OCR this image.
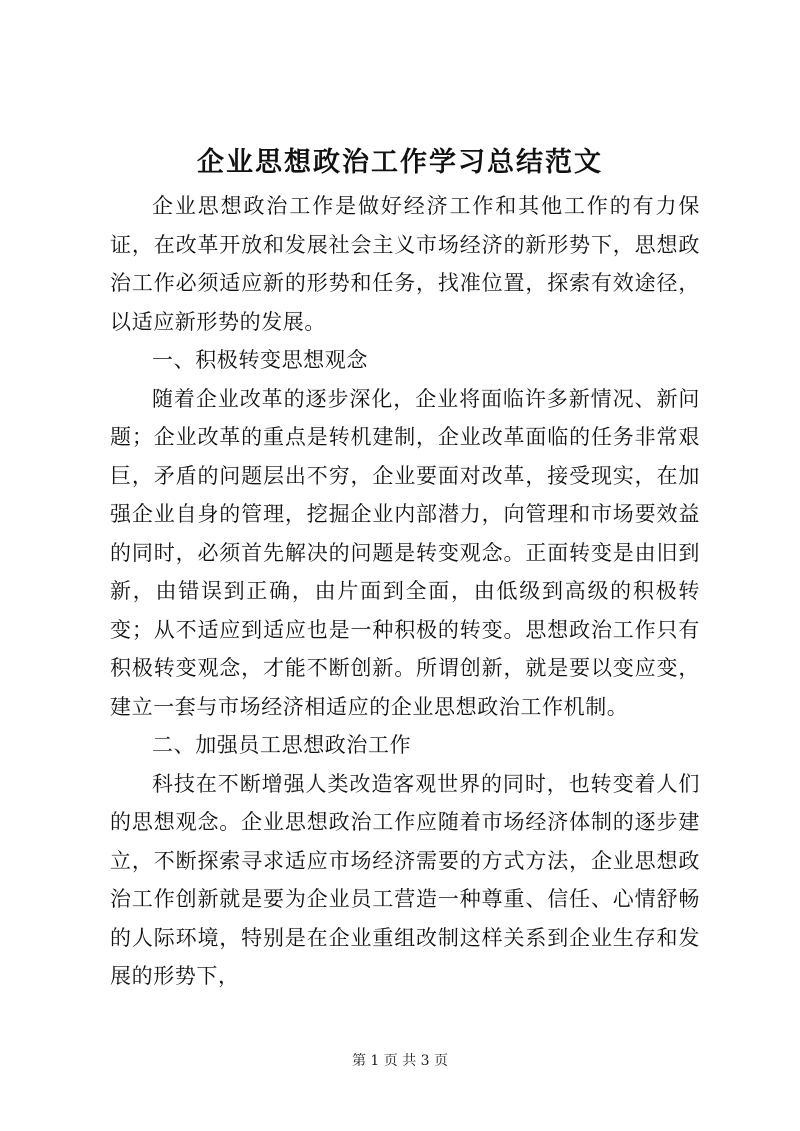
企业思想政治工作学习总结范文

企业思想政治工作是做好经济工作和其他工作的有力保证，在改革开放和发展社会主义市场经济的新形势下，思想政治工作必须适应新的形势和任务，找准位置，探索有效途径，以适应新形势的发展。

一、积极转变思想观念

随着企业改革的逐步深化，企业将面临许多新情况、新问题；企业改革的重点是转机建制，企业改革面临的任务非常艰巨，矛盾的问题层出不穷，企业要面对改革，接受现实，在加强企业自身的管理，挖掘企业内部潜力，向管理和市场要效益的同时，必须首先解决的问题是转变观念。正面转变是由旧到新，由错误到正确，由片面到全面，由低级到高级的积极转变；从不适应到适应也是一种积极的转变。思想政治工作只有积极转变观念，才能不断创新。所谓创新，就是要以变应变，建立一套与市场经济相适应的企业思想政治工作机制。

二、加强员工思想政治工作

科技在不断增强人类改造客观世界的同时，也转变着人们的思想观念。企业思想政治工作应随着市场经济体制的逐步建立，不断探索寻求适应市场经济需要的方式方法，企业思想政治工作创新就是要为企业员工营造一种尊重、信任、心情舒畅的人际环境，特别是在企业重组改制这样关系到企业生存和发展的形势下，

第 1 页 共 3 页
